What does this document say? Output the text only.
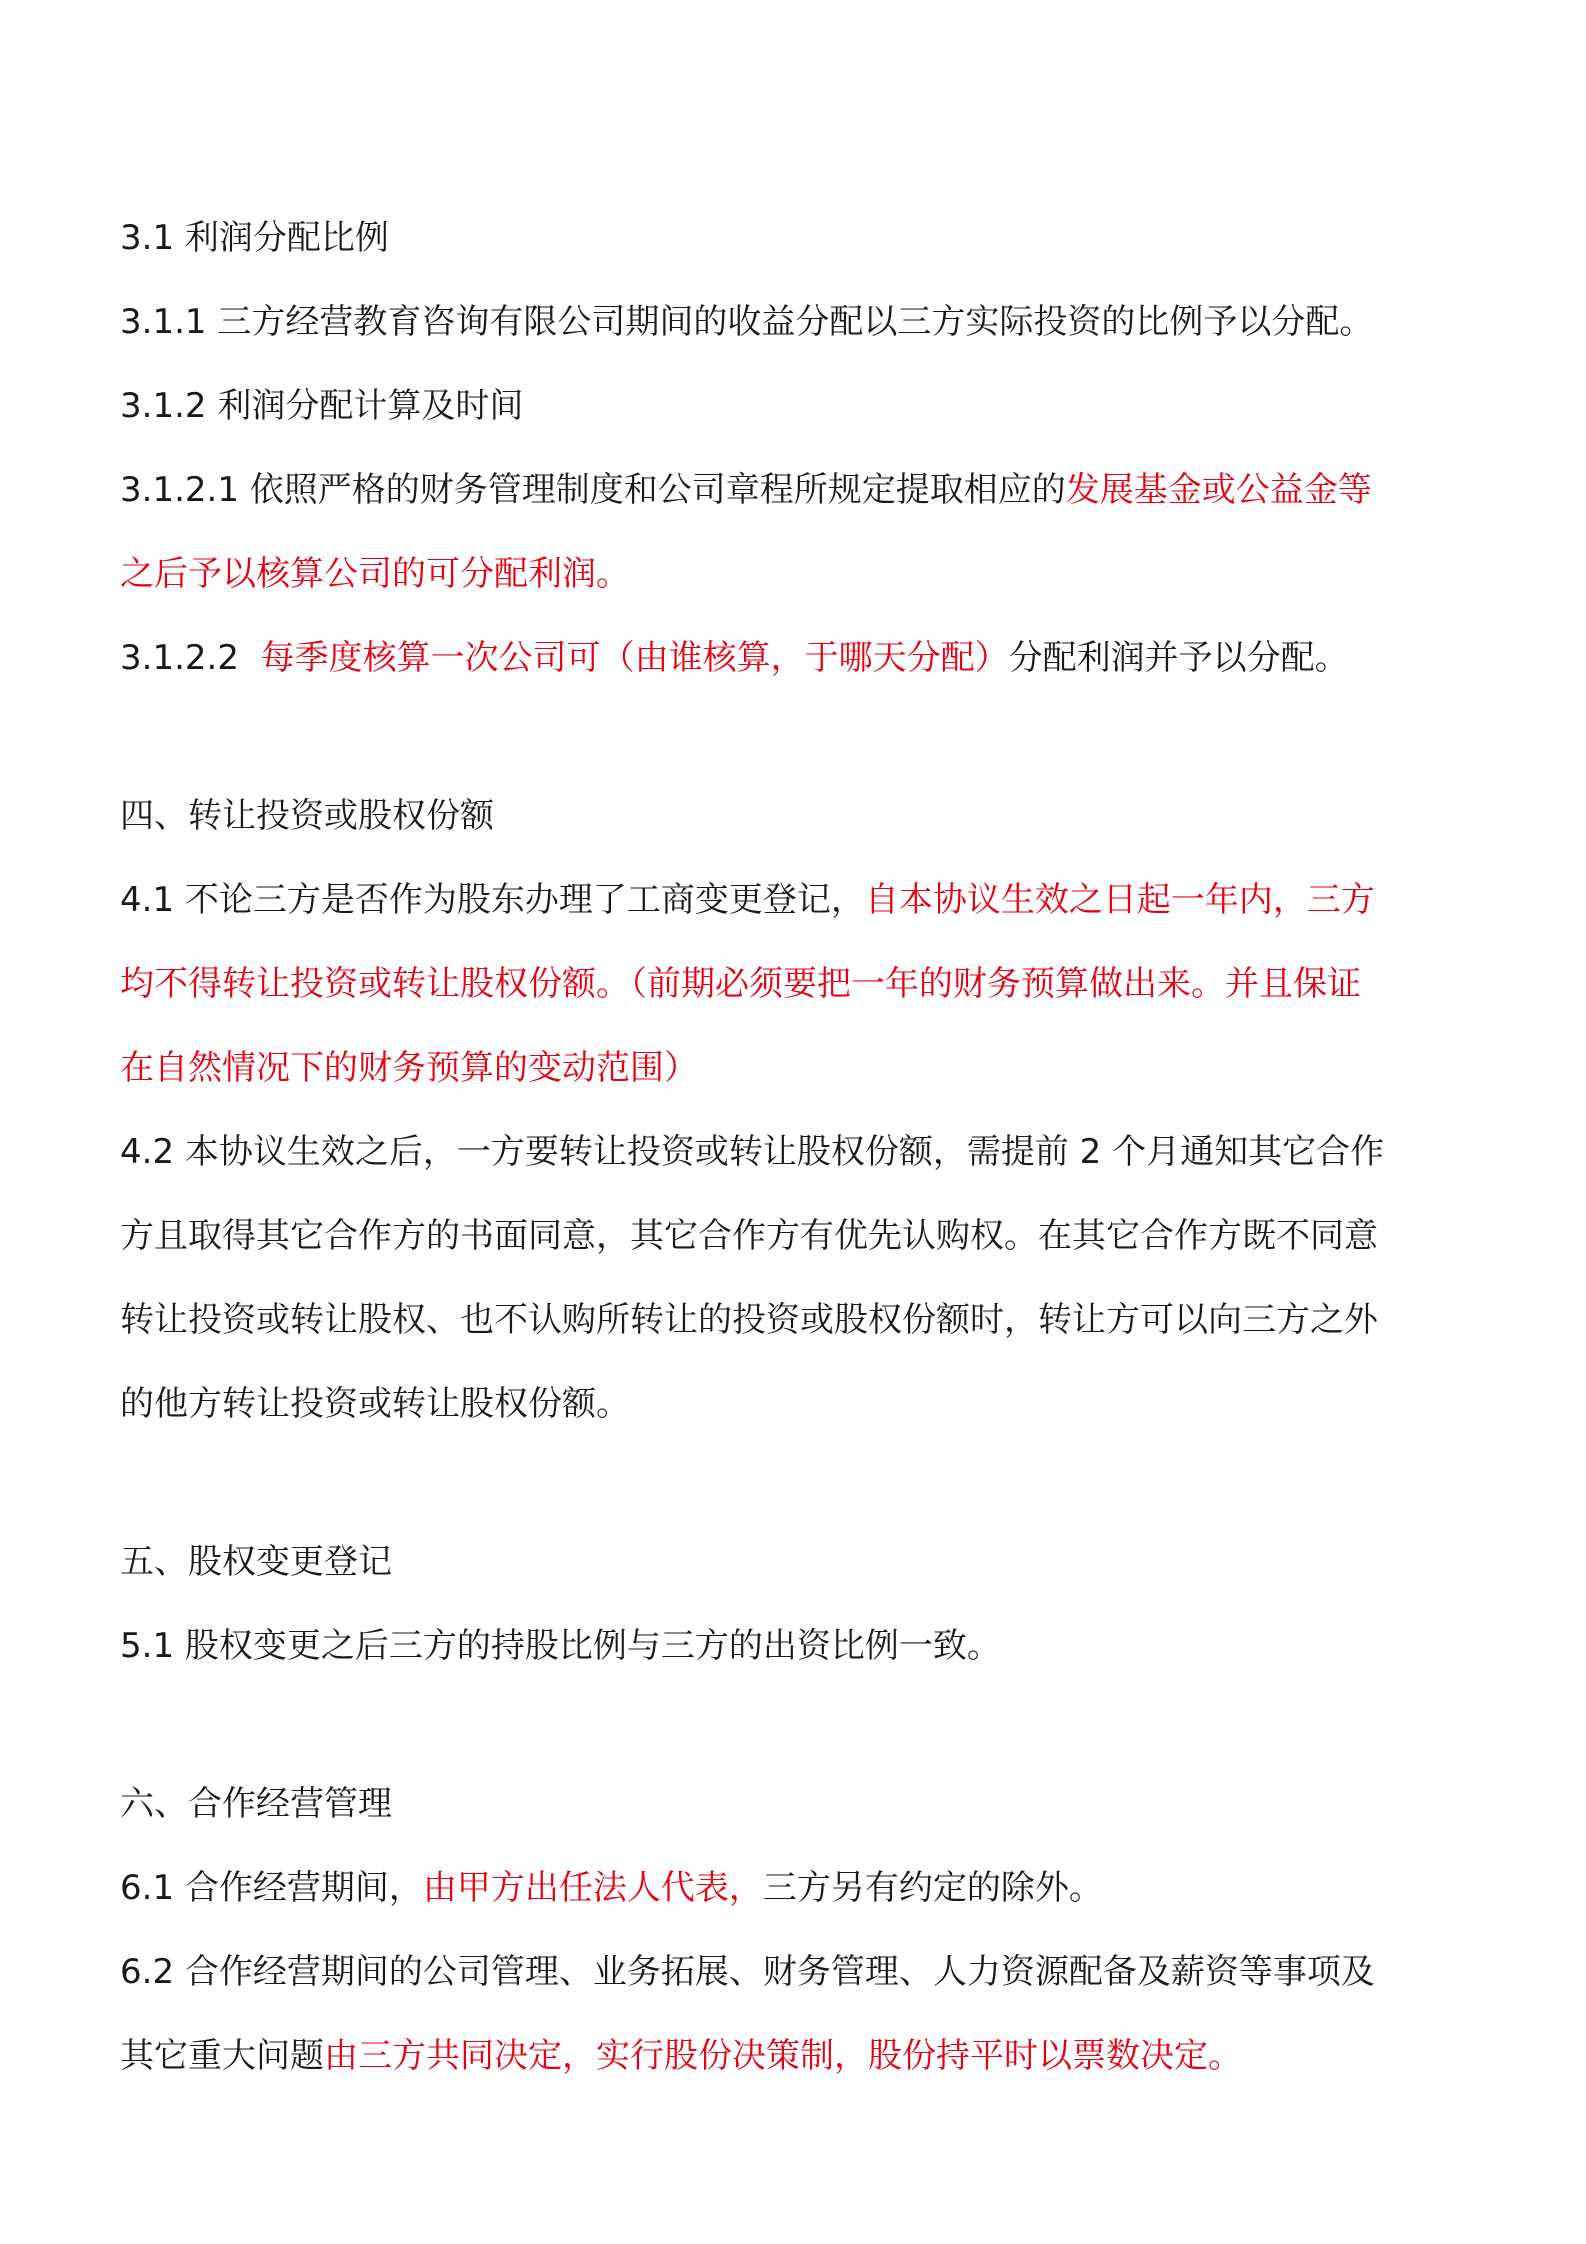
3.1 利润分配比例

3.1.1 三方经营教育咨询有限公司期间的收益分配以三方实际投资的比例予以分配。

3.1.2 利润分配计算及时间

3.1.2.1 依照严格的财务管理制度和公司章程所规定提取相应的发展基金或公益金等

之后予以核算公司的可分配利润。

3.1.2.2  每季度核算一次公司可（由谁核算，于哪天分配）分配利润并予以分配。

四、转让投资或股权份额

4.1 不论三方是否作为股东办理了工商变更登记，自本协议生效之日起一年内，三方

均不得转让投资或转让股权份额。（前期必须要把一年的财务预算做出来。并且保证

在自然情况下的财务预算的变动范围）

4.2 本协议生效之后，一方要转让投资或转让股权份额，需提前 2 个月通知其它合作

方且取得其它合作方的书面同意，其它合作方有优先认购权。在其它合作方既不同意

转让投资或转让股权、也不认购所转让的投资或股权份额时，转让方可以向三方之外

的他方转让投资或转让股权份额。

五、股权变更登记

5.1 股权变更之后三方的持股比例与三方的出资比例一致。

六、合作经营管理

6.1 合作经营期间，由甲方出任法人代表，三方另有约定的除外。

6.2 合作经营期间的公司管理、业务拓展、财务管理、人力资源配备及薪资等事项及

其它重大问题由三方共同决定，实行股份决策制，股份持平时以票数决定。
